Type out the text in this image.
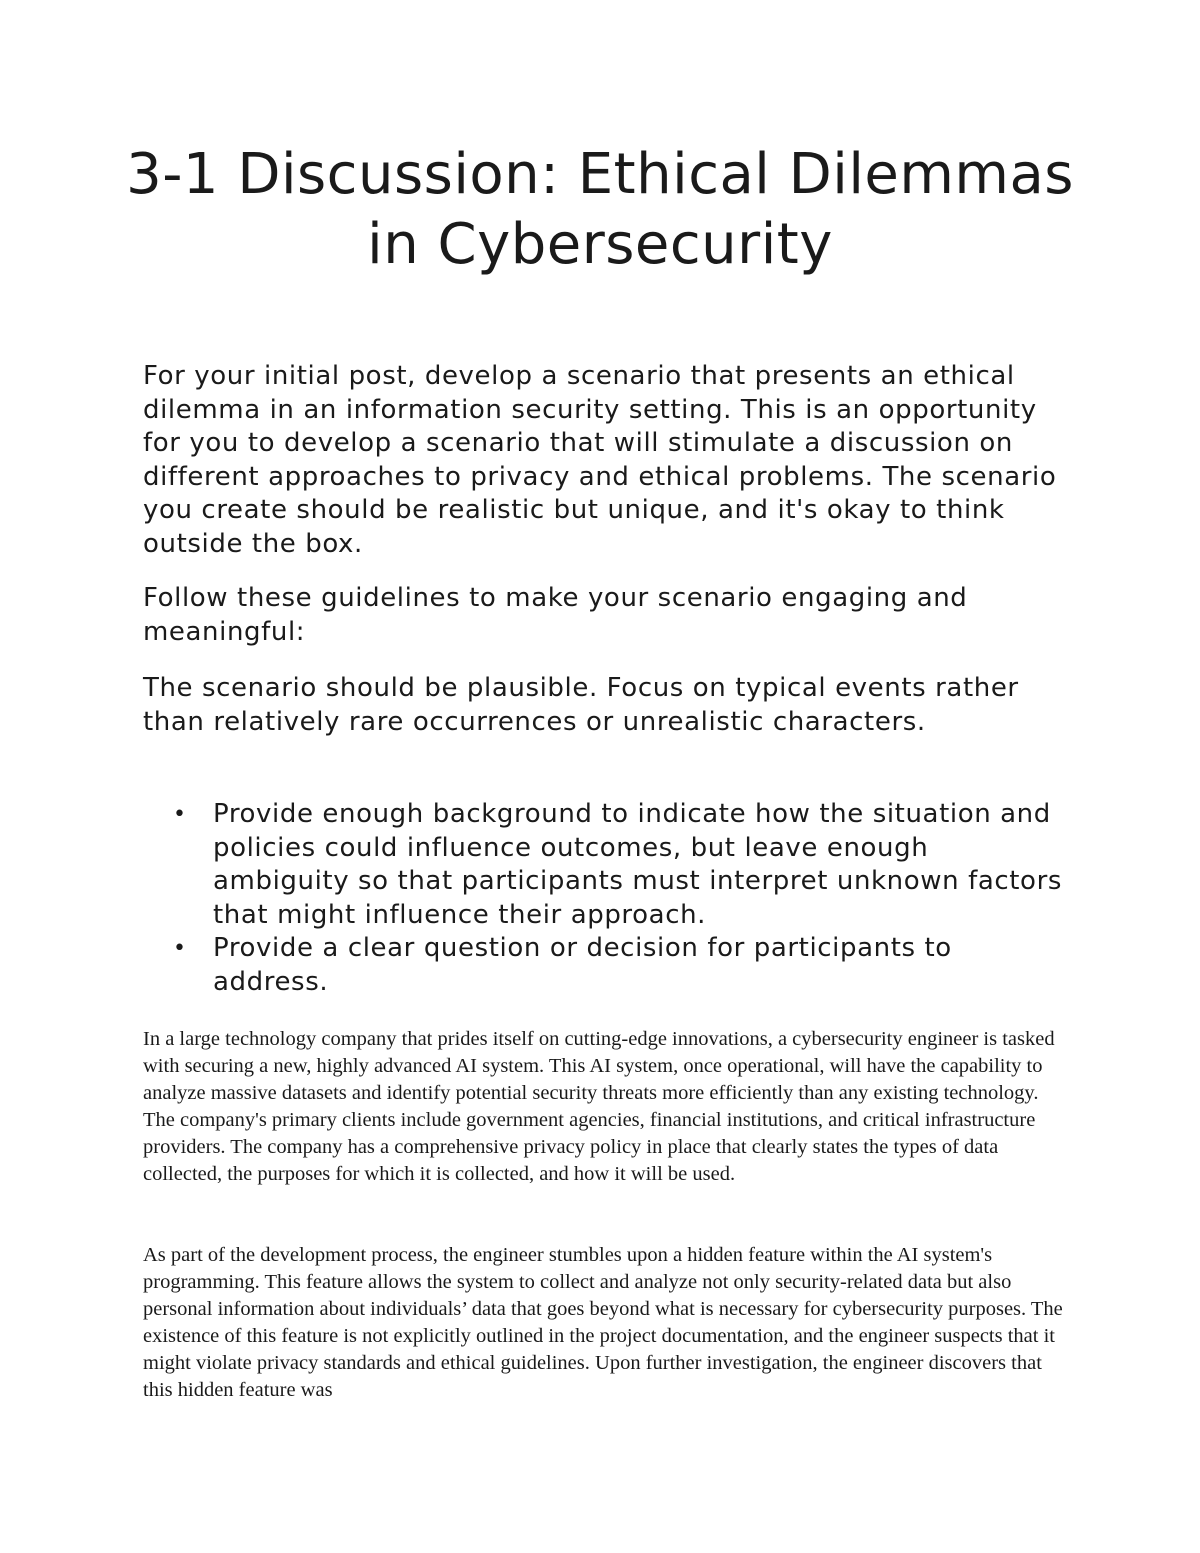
3-1 Discussion: Ethical Dilemmas in Cybersecurity

For your initial post, develop a scenario that presents an ethical dilemma in an information security setting. This is an opportunity for you to develop a scenario that will stimulate a discussion on different approaches to privacy and ethical problems. The scenario you create should be realistic but unique, and it's okay to think outside the box.

Follow these guidelines to make your scenario engaging and meaningful:

The scenario should be plausible. Focus on typical events rather than relatively rare occurrences or unrealistic characters.

• Provide enough background to indicate how the situation and policies could influence outcomes, but leave enough ambiguity so that participants must interpret unknown factors that might influence their approach.
• Provide a clear question or decision for participants to address.

In a large technology company that prides itself on cutting-edge innovations, a cybersecurity engineer is tasked with securing a new, highly advanced AI system. This AI system, once operational, will have the capability to analyze massive datasets and identify potential security threats more efficiently than any existing technology. The company's primary clients include government agencies, financial institutions, and critical infrastructure providers. The company has a comprehensive privacy policy in place that clearly states the types of data collected, the purposes for which it is collected, and how it will be used.

As part of the development process, the engineer stumbles upon a hidden feature within the AI system's programming. This feature allows the system to collect and analyze not only security-related data but also personal information about individuals’ data that goes beyond what is necessary for cybersecurity purposes. The existence of this feature is not explicitly outlined in the project documentation, and the engineer suspects that it might violate privacy standards and ethical guidelines. Upon further investigation, the engineer discovers that this hidden feature was
